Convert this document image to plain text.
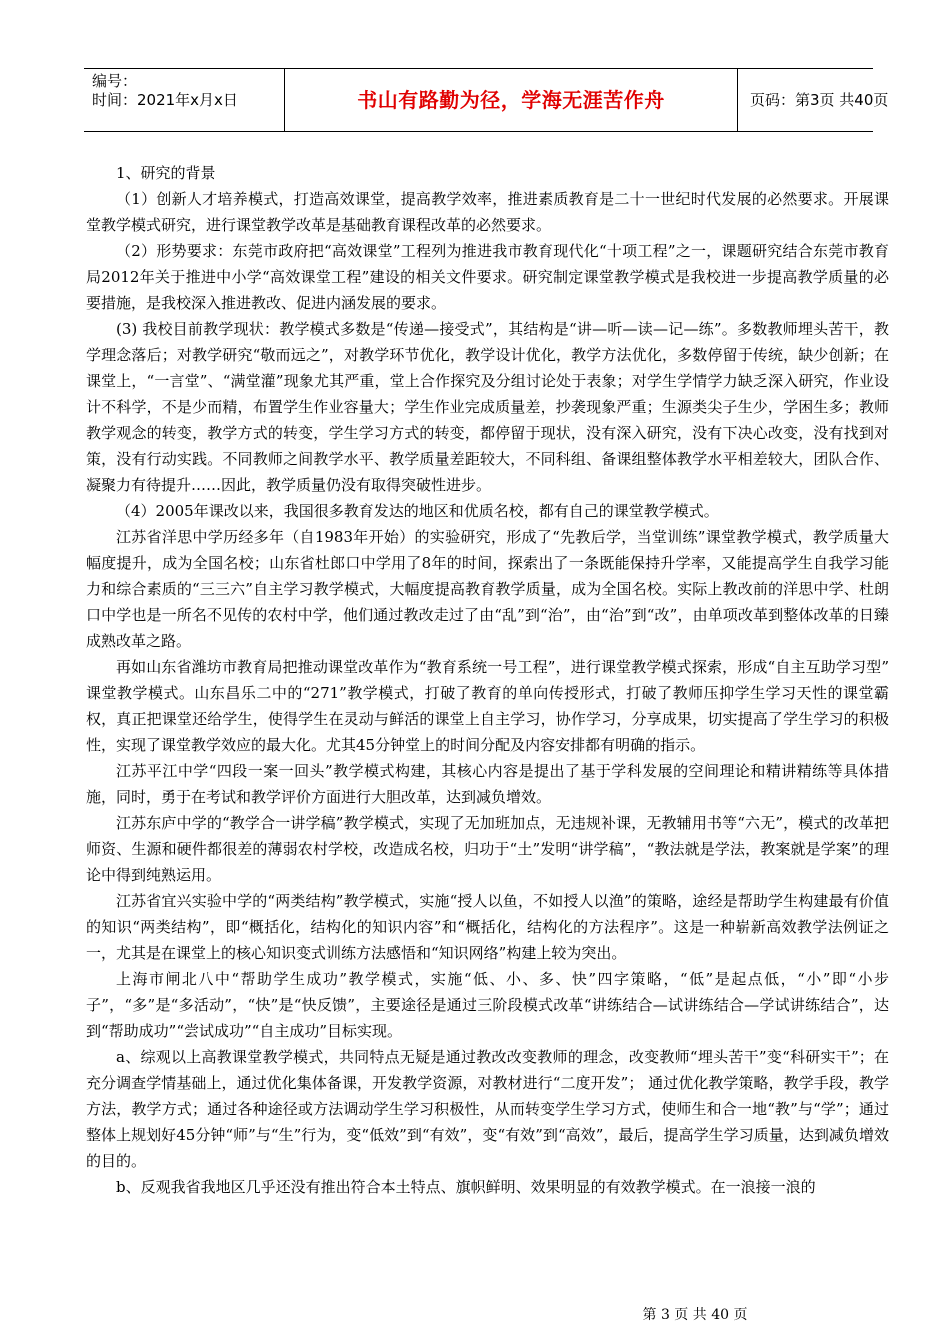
编号：
时间：2021年x月x日	书山有路勤为径，学海无涯苦作舟	页码：第3页 共40页

1、研究的背景

（1）创新人才培养模式，打造高效课堂，提高教学效率，推进素质教育是二十一世纪时代发展的必然要求。开展课堂教学模式研究，进行课堂教学改革是基础教育课程改革的必然要求。

（2）形势要求：东莞市政府把“高效课堂”工程列为推进我市教育现代化“十项工程”之一，课题研究结合东莞市教育局2012年关于推进中小学“高效课堂工程”建设的相关文件要求。研究制定课堂教学模式是我校进一步提高教学质量的必要措施，是我校深入推进教改、促进内涵发展的要求。

(3) 我校目前教学现状：教学模式多数是“传递—接受式”，其结构是“讲—听—读—记—练”。多数教师埋头苦干，教学理念落后；对教学研究“敬而远之”，对教学环节优化，教学设计优化，教学方法优化，多数停留于传统，缺少创新；在课堂上，“一言堂”、“满堂灌”现象尤其严重，堂上合作探究及分组讨论处于表象；对学生学情学力缺乏深入研究，作业设计不科学，不是少而精，布置学生作业容量大；学生作业完成质量差，抄袭现象严重；生源类尖子生少，学困生多；教师教学观念的转变，教学方式的转变，学生学习方式的转变，都停留于现状，没有深入研究，没有下决心改变，没有找到对策，没有行动实践。不同教师之间教学水平、教学质量差距较大，不同科组、备课组整体教学水平相差较大，团队合作、凝聚力有待提升……因此，教学质量仍没有取得突破性进步。

（4）2005年课改以来，我国很多教育发达的地区和优质名校，都有自己的课堂教学模式。

江苏省洋思中学历经多年（自1983年开始）的实验研究，形成了“先教后学，当堂训练”课堂教学模式，教学质量大幅度提升，成为全国名校；山东省杜郎口中学用了8年的时间，探索出了一条既能保持升学率，又能提高学生自我学习能力和综合素质的“三三六”自主学习教学模式，大幅度提高教育教学质量，成为全国名校。实际上教改前的洋思中学、杜朗口中学也是一所名不见传的农村中学，他们通过教改走过了由“乱”到“治”，由“治”到“改”，由单项改革到整体改革的日臻成熟改革之路。

再如山东省潍坊市教育局把推动课堂改革作为“教育系统一号工程”，进行课堂教学模式探索，形成“自主互助学习型” 课堂教学模式。山东昌乐二中的“271”教学模式，打破了教育的单向传授形式，打破了教师压抑学生学习天性的课堂霸权，真正把课堂还给学生，使得学生在灵动与鲜活的课堂上自主学习，协作学习，分享成果，切实提高了学生学习的积极性，实现了课堂教学效应的最大化。尤其45分钟堂上的时间分配及内容安排都有明确的指示。

江苏平江中学“四段一案一回头”教学模式构建，其核心内容是提出了基于学科发展的空间理论和精讲精练等具体措施，同时，勇于在考试和教学评价方面进行大胆改革，达到减负增效。

江苏东庐中学的“教学合一讲学稿”教学模式，实现了无加班加点，无违规补课，无教辅用书等“六无”，模式的改革把师资、生源和硬件都很差的薄弱农村学校，改造成名校，归功于“土”发明“讲学稿”，“教法就是学法，教案就是学案”的理论中得到纯熟运用。

江苏省宜兴实验中学的“两类结构”教学模式，实施“授人以鱼，不如授人以渔”的策略，途经是帮助学生构建最有价值的知识“两类结构”，即“概括化，结构化的知识内容”和“概括化，结构化的方法程序”。这是一种崭新高效教学法例证之一，尤其是在课堂上的核心知识变式训练方法感悟和“知识网络”构建上较为突出。

上海市闸北八中“帮助学生成功”教学模式，实施“低、小、多、快”四字策略，“低”是起点低，“小”即“小步子”，“多”是“多活动”，“快”是“快反馈”，主要途径是通过三阶段模式改革“讲练结合—试讲练结合—学试讲练结合”，达到“帮助成功”“尝试成功”“自主成功”目标实现。

a、综观以上高教课堂教学模式，共同特点无疑是通过教改改变教师的理念，改变教师“埋头苦干”变“科研实干”；在充分调查学情基础上，通过优化集体备课，开发教学资源，对教材进行“二度开发”； 通过优化教学策略，教学手段，教学方法，教学方式；通过各种途径或方法调动学生学习积极性，从而转变学生学习方式，使师生和合一地“教”与“学”；通过整体上规划好45分钟“师”与“生”行为，变“低效”到“有效”，变“有效”到“高效”，最后，提高学生学习质量，达到减负增效的目的。

b、反观我省我地区几乎还没有推出符合本土特点、旗帜鲜明、效果明显的有效教学模式。在一浪接一浪的

第 3 页 共 40 页
